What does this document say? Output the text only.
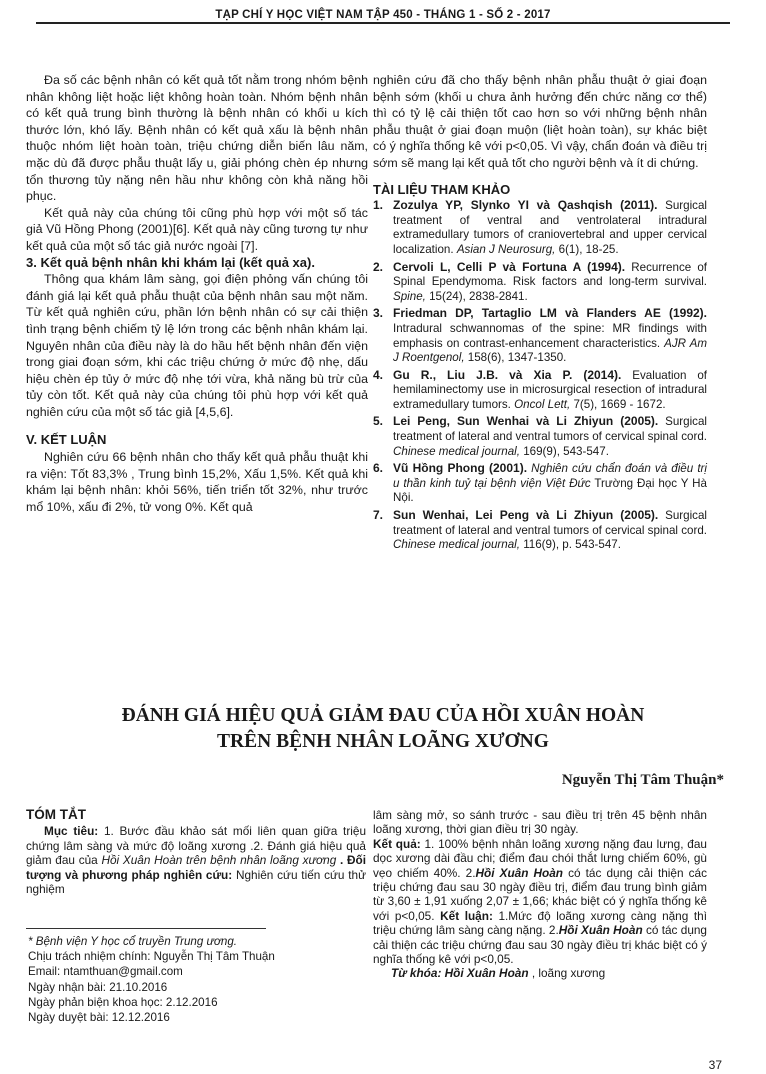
TẠP CHÍ Y HỌC VIỆT NAM TẬP 450 - THÁNG 1 - SỐ 2 - 2017

Đa số các bệnh nhân có kết quả tốt nằm trong nhóm bệnh nhân không liệt hoặc liệt không hoàn toàn. Nhóm bệnh nhân có kết quả trung bình thường là bệnh nhân có khối u kích thước lớn, khó lấy. Bệnh nhân có kết quả xấu là bệnh nhân thuộc nhóm liệt hoàn toàn, triệu chứng diễn biến lâu năm, mặc dù đã được phẫu thuật lấy u, giải phóng chèn ép nhưng tổn thương tủy nặng nên hầu như không còn khả năng hồi phục.

Kết quả này của chúng tôi cũng phù hợp với một số tác giả Vũ Hồng Phong (2001)[6]. Kết quả này cũng tương tự như kết quả của một số tác giả nước ngoài [7].

3. Kết quả bệnh nhân khi khám lại (kết quả xa).

Thông qua khám lâm sàng, gọi điện phỏng vấn chúng tôi đánh giá lại kết quả phẫu thuật của bệnh nhân sau một năm. Từ kết quả nghiên cứu, phần lớn bệnh nhân có sự cải thiện tình trạng bệnh chiếm tỷ lệ lớn trong các bệnh nhân khám lại. Nguyên nhân của điều này là do hầu hết bệnh nhân đến viện trong giai đoạn sớm, khi các triệu chứng ở mức độ nhẹ, dấu hiệu chèn ép tủy ở mức độ nhẹ tới vừa, khả năng bù trừ của tủy còn tốt. Kết quả này của chúng tôi phù hợp với kết quả nghiên cứu của một số tác giả [4,5,6].

V. KẾT LUẬN

Nghiên cứu 66 bệnh nhân cho thấy kết quả phẫu thuật khi ra viện: Tốt 83,3% , Trung bình 15,2%, Xấu 1,5%. Kết quả khi khám lại bệnh nhân: khỏi 56%, tiến triển tốt 32%, như trước mổ 10%, xấu đi 2%, tử vong 0%. Kết quả

nghiên cứu đã cho thấy bệnh nhân phẫu thuật ở giai đoạn bệnh sớm (khối u chưa ảnh hưởng đến chức năng cơ thể) thì có tỷ lệ cải thiện tốt cao hơn so với những bệnh nhân phẫu thuật ở giai đoạn muộn (liệt hoàn toàn), sự khác biệt có ý nghĩa thống kê với p<0,05. Vì vậy, chẩn đoán và điều trị sớm sẽ mang lại kết quả tốt cho người bệnh và ít di chứng.

TÀI LIỆU THAM KHẢO

1. Zozulya YP, Slynko YI và Qashqish (2011). Surgical treatment of ventral and ventrolateral intradural extramedullary tumors of craniovertebral and upper cervical localization. Asian J Neurosurg, 6(1), 18-25.
2. Cervoli L, Celli P và Fortuna A (1994). Recurrence of Spinal Ependymoma. Risk factors and long-term survival. Spine, 15(24), 2838-2841.
3. Friedman DP, Tartaglio LM và Flanders AE (1992). Intradural schwannomas of the spine: MR findings with emphasis on contrast-enhancement characteristics. AJR Am J Roentgenol, 158(6), 1347-1350.
4. Gu R., Liu J.B. và Xia P. (2014). Evaluation of hemilaminectomy use in microsurgical resection of intradural extramedullary tumors. Oncol Lett, 7(5), 1669 - 1672.
5. Lei Peng, Sun Wenhai và Li Zhiyun (2005). Surgical treatment of lateral and ventral tumors of cervical spinal cord. Chinese medical journal, 169(9), 543-547.
6. Vũ Hồng Phong (2001). Nghiên cứu chẩn đoán và điều trị u thần kinh tuỷ tại bệnh viện Việt Đức Trường Đại học Y Hà Nội.
7. Sun Wenhai, Lei Peng và Li Zhiyun (2005). Surgical treatment of lateral and ventral tumors of cervical spinal cord. Chinese medical journal, 116(9), p. 543-547.
ĐÁNH GIÁ HIỆU QUẢ GIẢM ĐAU CỦA HỒI XUÂN HOÀN
TRÊN BỆNH NHÂN LOÃNG XƯƠNG
Nguyễn Thị Tâm Thuận*

TÓM TẮT

Mục tiêu: 1. Bước đầu khảo sát mối liên quan giữa triệu chứng lâm sàng và mức độ loãng xương .2. Đánh giá hiệu quả giảm đau của Hồi Xuân Hoàn trên bệnh nhân loãng xương . Đối tượng và phương pháp nghiên cứu: Nghiên cứu tiến cứu thử nghiệm

lâm sàng mở, so sánh trước - sau điều trị trên 45 bệnh nhân loãng xương, thời gian điều trị 30 ngày.

Kết quả: 1. 100% bệnh nhân loãng xương nặng đau lưng, đau dọc xương dài đầu chi; điểm đau chói thắt lưng chiếm 60%, gù vẹo chiếm 40%. 2.Hồi Xuân Hoàn có tác dụng cải thiện các triệu chứng đau sau 30 ngày điều trị, điểm đau trung bình giảm từ 3,60 ± 1,91 xuống 2,07 ± 1,66; khác biệt có ý nghĩa thống kê với p<0,05. Kết luận: 1.Mức độ loãng xương càng nặng thì triệu chứng lâm sàng càng nặng. 2.Hồi Xuân Hoàn có tác dụng cải thiện các triệu chứng đau sau 30 ngày điều trị khác biệt có ý nghĩa thống kê với p<0,05.

Từ khóa: Hồi Xuân Hoàn , loãng xương

* Bệnh viện Y học cổ truyền Trung ương.
Chịu trách nhiệm chính: Nguyễn Thị Tâm Thuận
Email: ntamthuan@gmail.com
Ngày nhận bài: 21.10.2016
Ngày phản biện khoa học: 2.12.2016
Ngày duyệt bài: 12.12.2016
37
